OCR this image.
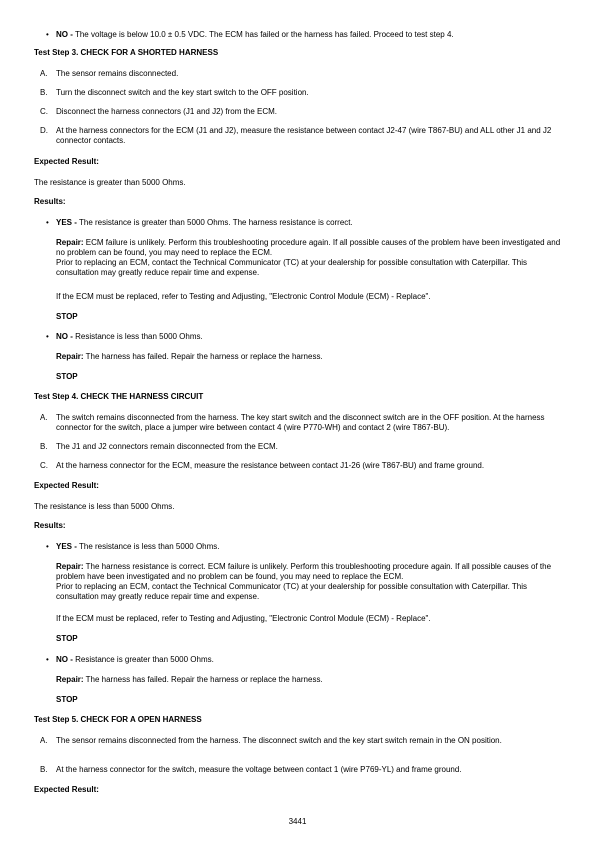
• NO - The voltage is below 10.0 ± 0.5 VDC. The ECM has failed or the harness has failed. Proceed to test step 4.
Test Step 3. CHECK FOR A SHORTED HARNESS
A.	The sensor remains disconnected.
B.	Turn the disconnect switch and the key start switch to the OFF position.
C.	Disconnect the harness connectors (J1 and J2) from the ECM.
D.	At the harness connectors for the ECM (J1 and J2), measure the resistance between contact J2-47 (wire T867-BU) and ALL other J1 and J2 connector contacts.
Expected Result:
The resistance is greater than 5000 Ohms.
Results:
• YES - The resistance is greater than 5000 Ohms. The harness resistance is correct.
Repair: ECM failure is unlikely. Perform this troubleshooting procedure again. If all possible causes of the problem have been investigated and no problem can be found, you may need to replace the ECM.
Prior to replacing an ECM, contact the Technical Communicator (TC) at your dealership for possible consultation with Caterpillar. This consultation may greatly reduce repair time and expense.
If the ECM must be replaced, refer to Testing and Adjusting, "Electronic Control Module (ECM) - Replace".
STOP
• NO - Resistance is less than 5000 Ohms.
Repair: The harness has failed. Repair the harness or replace the harness.
STOP
Test Step 4. CHECK THE HARNESS CIRCUIT
A.	The switch remains disconnected from the harness. The key start switch and the disconnect switch are in the OFF position. At the harness connector for the switch, place a jumper wire between contact 4 (wire P770-WH) and contact 2 (wire T867-BU).
B.	The J1 and J2 connectors remain disconnected from the ECM.
C.	At the harness connector for the ECM, measure the resistance between contact J1-26 (wire T867-BU) and frame ground.
Expected Result:
The resistance is less than 5000 Ohms.
Results:
• YES - The resistance is less than 5000 Ohms.
Repair: The harness resistance is correct. ECM failure is unlikely. Perform this troubleshooting procedure again. If all possible causes of the problem have been investigated and no problem can be found, you may need to replace the ECM.
Prior to replacing an ECM, contact the Technical Communicator (TC) at your dealership for possible consultation with Caterpillar. This consultation may greatly reduce repair time and expense.
If the ECM must be replaced, refer to Testing and Adjusting, "Electronic Control Module (ECM) - Replace".
STOP
• NO - Resistance is greater than 5000 Ohms.
Repair: The harness has failed. Repair the harness or replace the harness.
STOP
Test Step 5. CHECK FOR A OPEN HARNESS
A.	The sensor remains disconnected from the harness. The disconnect switch and the key start switch remain in the ON position.
B.	At the harness connector for the switch, measure the voltage between contact 1 (wire P769-YL) and frame ground.
Expected Result:
3441
